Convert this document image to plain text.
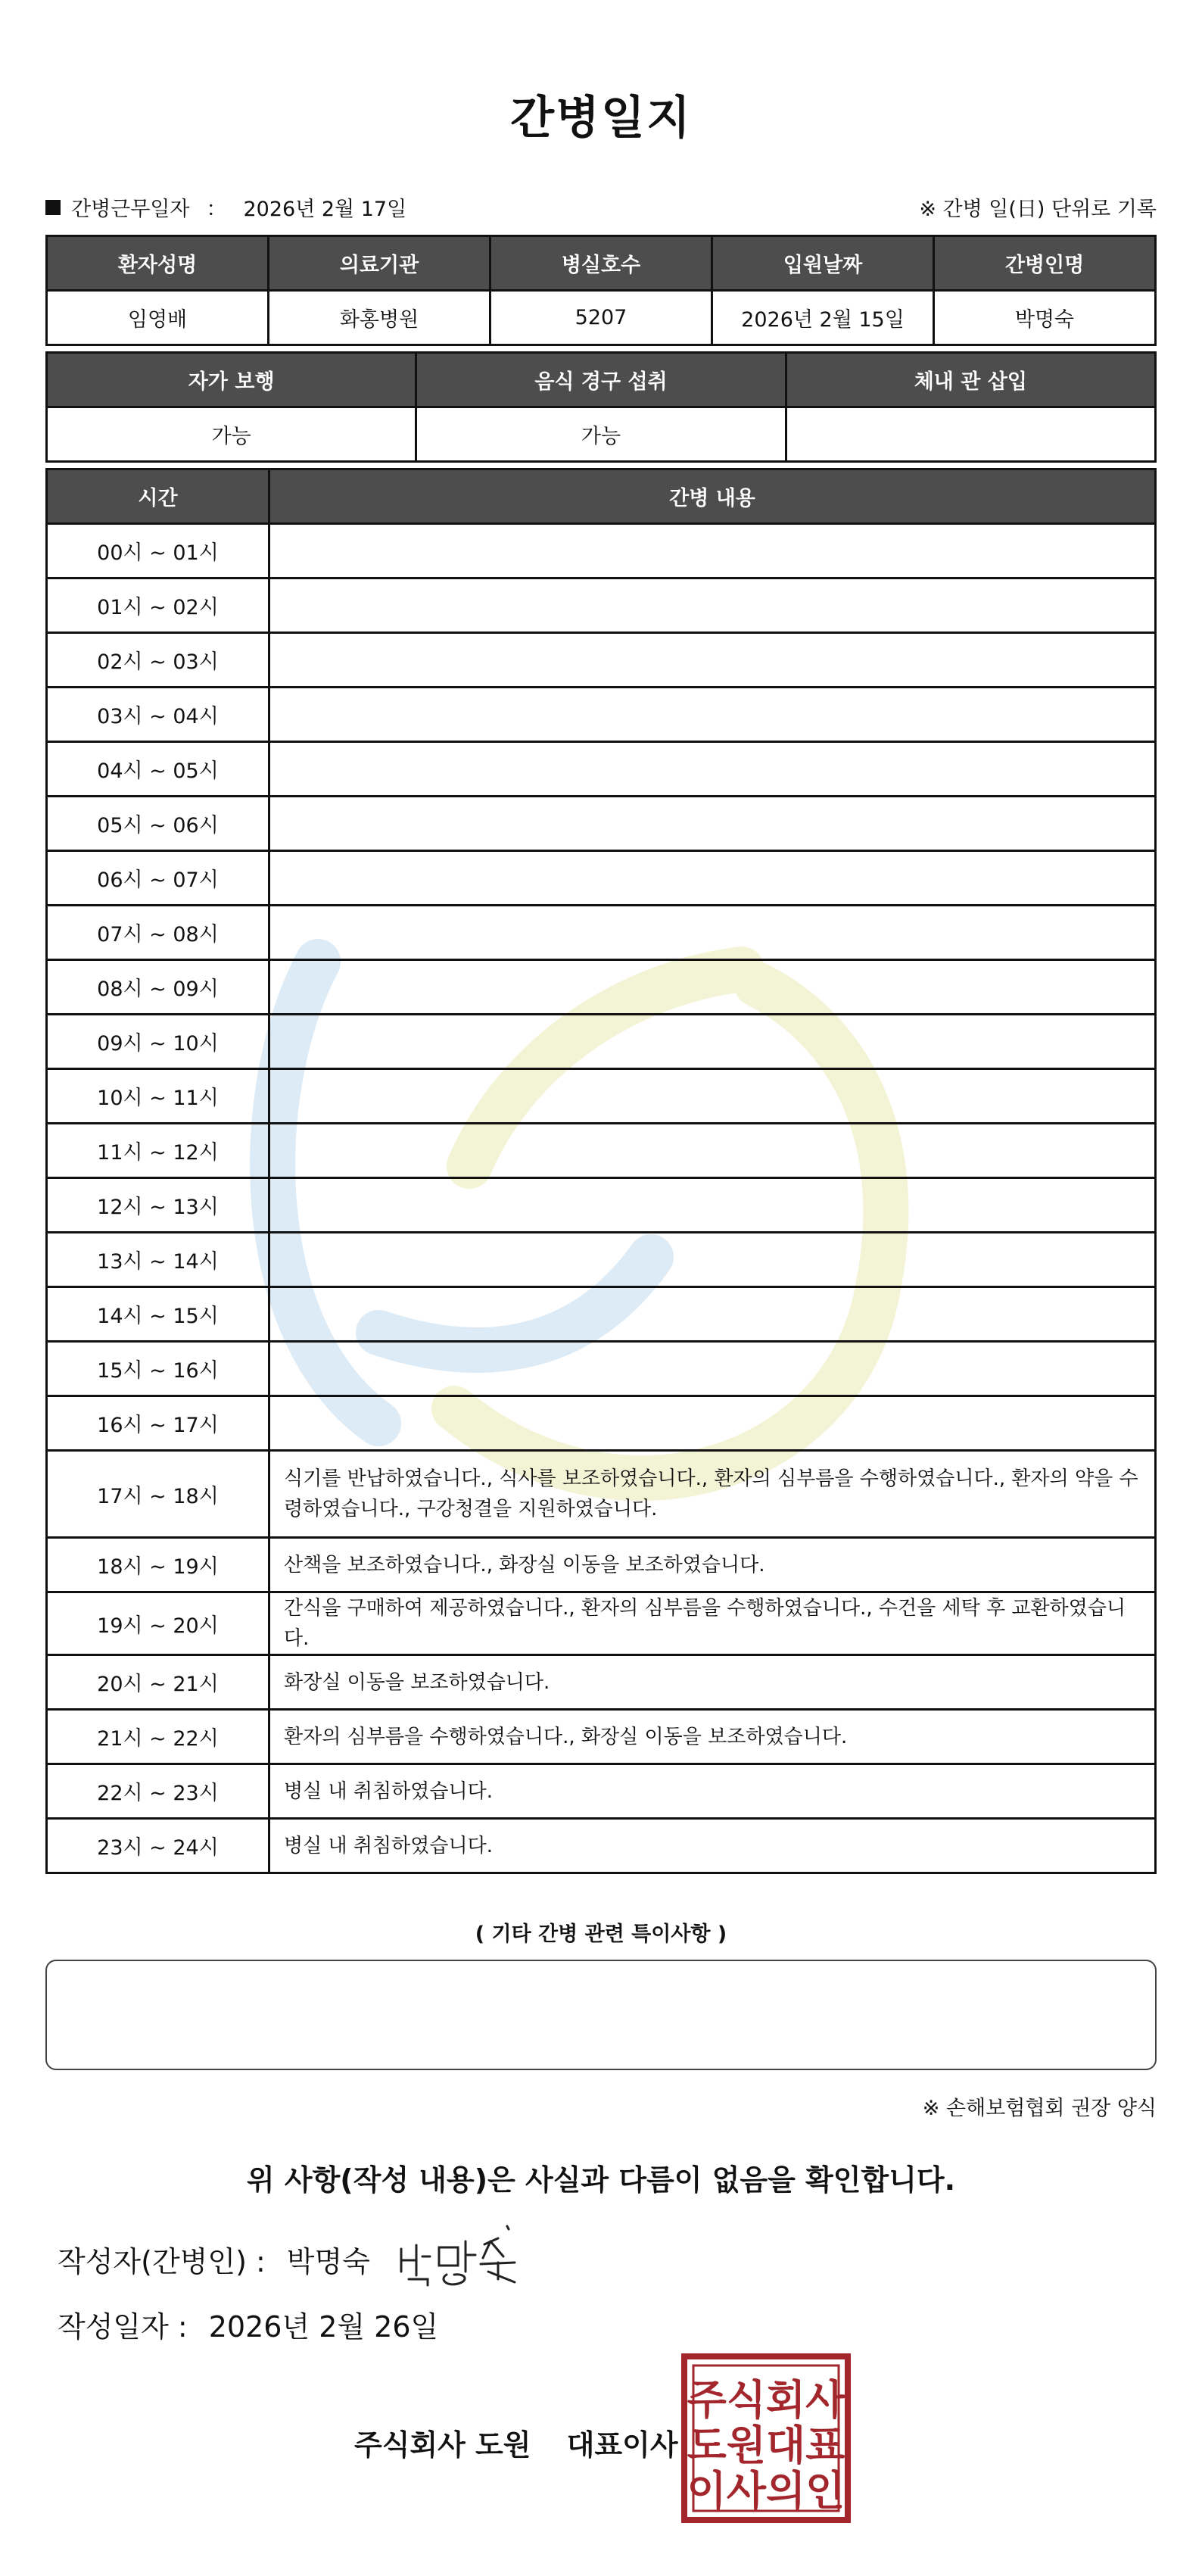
간병일지
간병근무일자 ： 2026년 2월 17일	※ 간병 일(日) 단위로 기록
환자성명	의료기관	병실호수	입원날짜	간병인명
임영배	화홍병원	5207	2026년 2월 15일	박명숙
자가 보행	음식 경구 섭취	체내 관 삽입
가능	가능	
시간	간병 내용
00시 ~ 01시	
01시 ~ 02시	
02시 ~ 03시	
03시 ~ 04시	
04시 ~ 05시	
05시 ~ 06시	
06시 ~ 07시	
07시 ~ 08시	
08시 ~ 09시	
09시 ~ 10시	
10시 ~ 11시	
11시 ~ 12시	
12시 ~ 13시	
13시 ~ 14시	
14시 ~ 15시	
15시 ~ 16시	
16시 ~ 17시	
17시 ~ 18시	식기를 반납하였습니다., 식사를 보조하였습니다., 환자의 심부름을 수행하였습니다., 환자의 약을 수령하였습니다., 구강청결을 지원하였습니다.
18시 ~ 19시	산책을 보조하였습니다., 화장실 이동을 보조하였습니다.
19시 ~ 20시	간식을 구매하여 제공하였습니다., 환자의 심부름을 수행하였습니다., 수건을 세탁 후 교환하였습니다.
20시 ~ 21시	화장실 이동을 보조하였습니다.
21시 ~ 22시	환자의 심부름을 수행하였습니다., 화장실 이동을 보조하였습니다.
22시 ~ 23시	병실 내 취침하였습니다.
23시 ~ 24시	병실 내 취침하였습니다.
( 기타 간병 관련 특이사항 )
※ 손해보험협회 권장 양식
위 사항(작성 내용)은 사실과 다름이 없음을 확인합니다.
작성자(간병인) : 박명숙
작성일자 : 2026년 2월 26일
주식회사 도원 대표이사
주식회사
도원대표
이사의인
